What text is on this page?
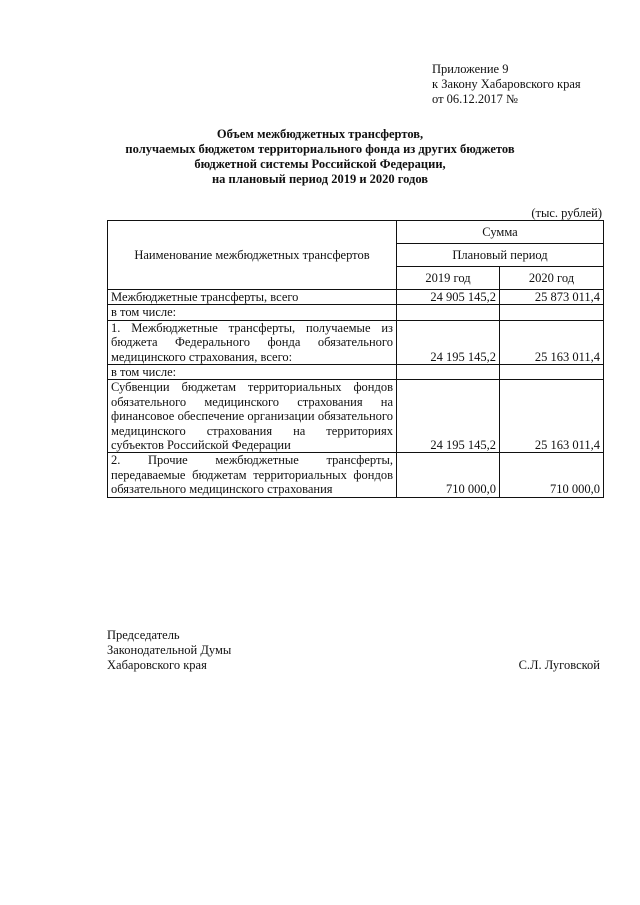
Приложение 9
к Закону Хабаровского края
от 06.12.2017 №
Объем межбюджетных трансфертов,
получаемых бюджетом территориального фонда из других бюджетов
бюджетной системы Российской Федерации,
на плановый период 2019 и 2020 годов
(тыс. рублей)
Наименование межбюджетных трансфертов	Сумма	
	Плановый период	
	2019 год	2020 год
Межбюджетные трансферты, всего	24 905 145,2	25 873 011,4
в том числе:		
1. Межбюджетные трансферты, получаемые из бюджета Федерального фонда обязательного медицинского страхования, всего:	24 195 145,2	25 163 011,4
в том числе:		
Субвенции бюджетам территориальных фондов обязательного медицинского страхования на финансовое обеспечение организации обязательного медицинского страхования на территориях субъектов Российской Федерации	24 195 145,2	25 163 011,4
2. Прочие межбюджетные трансферты, передаваемые бюджетам территориальных фондов обязательного медицинского страхования	710 000,0	710 000,0
Председатель
Законодательной Думы
Хабаровского края	С.Л. Луговской
